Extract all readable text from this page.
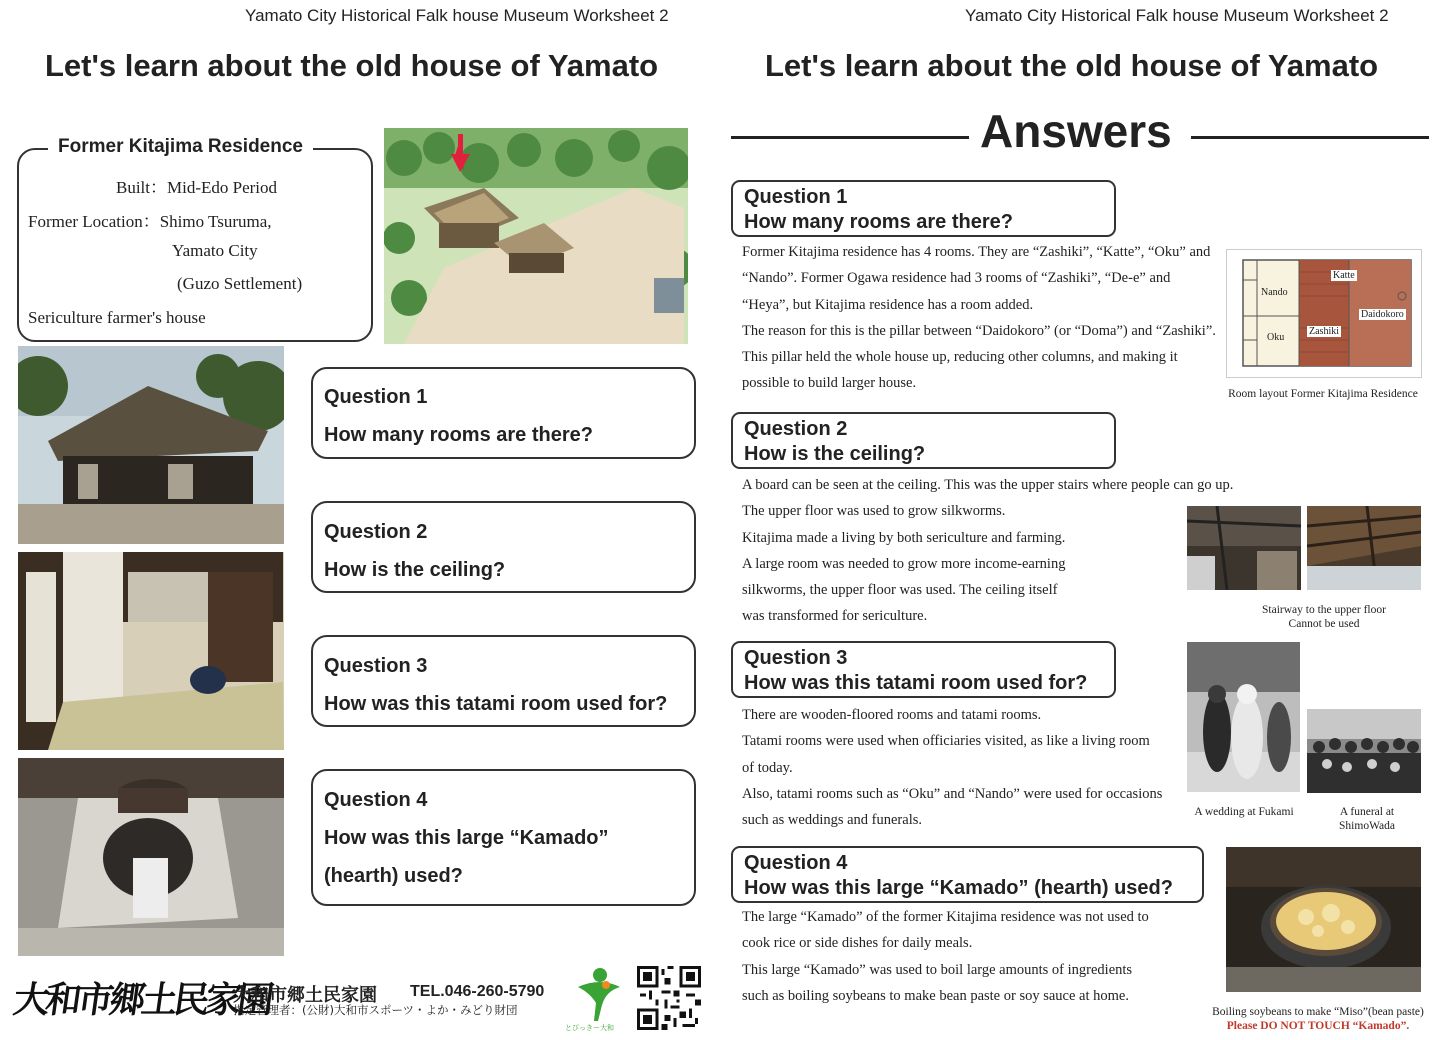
Yamato City Historical Falk house Museum Worksheet 2
Let's learn about the old house of Yamato
Former Kitajima Residence
Built：Mid-Edo Period
Former Location：Shimo Tsuruma,
Yamato City
(Guzo Settlement)
Sericulture farmer's house
Question 1
How many rooms are there?
Question 2
How is the ceiling?
Question 3
How was this tatami room used for?
Question 4
How was this large “Kamado”
(hearth) used?
大和市郷土民家園
大和市郷土民家園 TEL.046-260-5790
指定管理者：(公財)大和市スポーツ・よか・みどり財団
とびっきー大和
Yamato City Historical Falk house Museum Worksheet 2
Let's learn about the old house of Yamato
Answers
Question 1
How many rooms are there?
Former Kitajima residence has 4 rooms. They are “Zashiki”, “Katte”, “Oku” and
“Nando”. Former Ogawa residence had 3 rooms of “Zashiki”, “De-e” and
“Heya”, but Kitajima residence has a room added.
The reason for this is the pillar between “Daidokoro” (or “Doma”) and “Zashiki”.
This pillar held the whole house up, reducing other columns, and making it
possible to build larger house.
Katte
Nando
Daidokoro
Oku
Zashiki
Room layout Former Kitajima Residence
Question 2
How is the ceiling?
A board can be seen at the ceiling. This was the upper stairs where people can go up.
The upper floor was used to grow silkworms.
Kitajima made a living by both sericulture and farming.
A large room was needed to grow more income-earning
silkworms, the upper floor was used. The ceiling itself
was transformed for sericulture.	Stairway to the upper floor
Cannot be used
Question 3
How was this tatami room used for?
There are wooden-floored rooms and tatami rooms.
Tatami rooms were used when officiaries visited, as like a living room
of today.
Also, tatami rooms such as “Oku” and “Nando” were used for occasions
such as weddings and funerals.
A wedding at Fukami	A funeral at
ShimoWada
Question 4
How was this large “Kamado” (hearth) used?
The large “Kamado” of the former Kitajima residence was not used to
cook rice or side dishes for daily meals.
This large “Kamado” was used to boil large amounts of ingredients
such as boiling soybeans to make bean paste or soy sauce at home.
Boiling soybeans to make “Miso”(bean paste)
Please DO NOT TOUCH “Kamado”.
